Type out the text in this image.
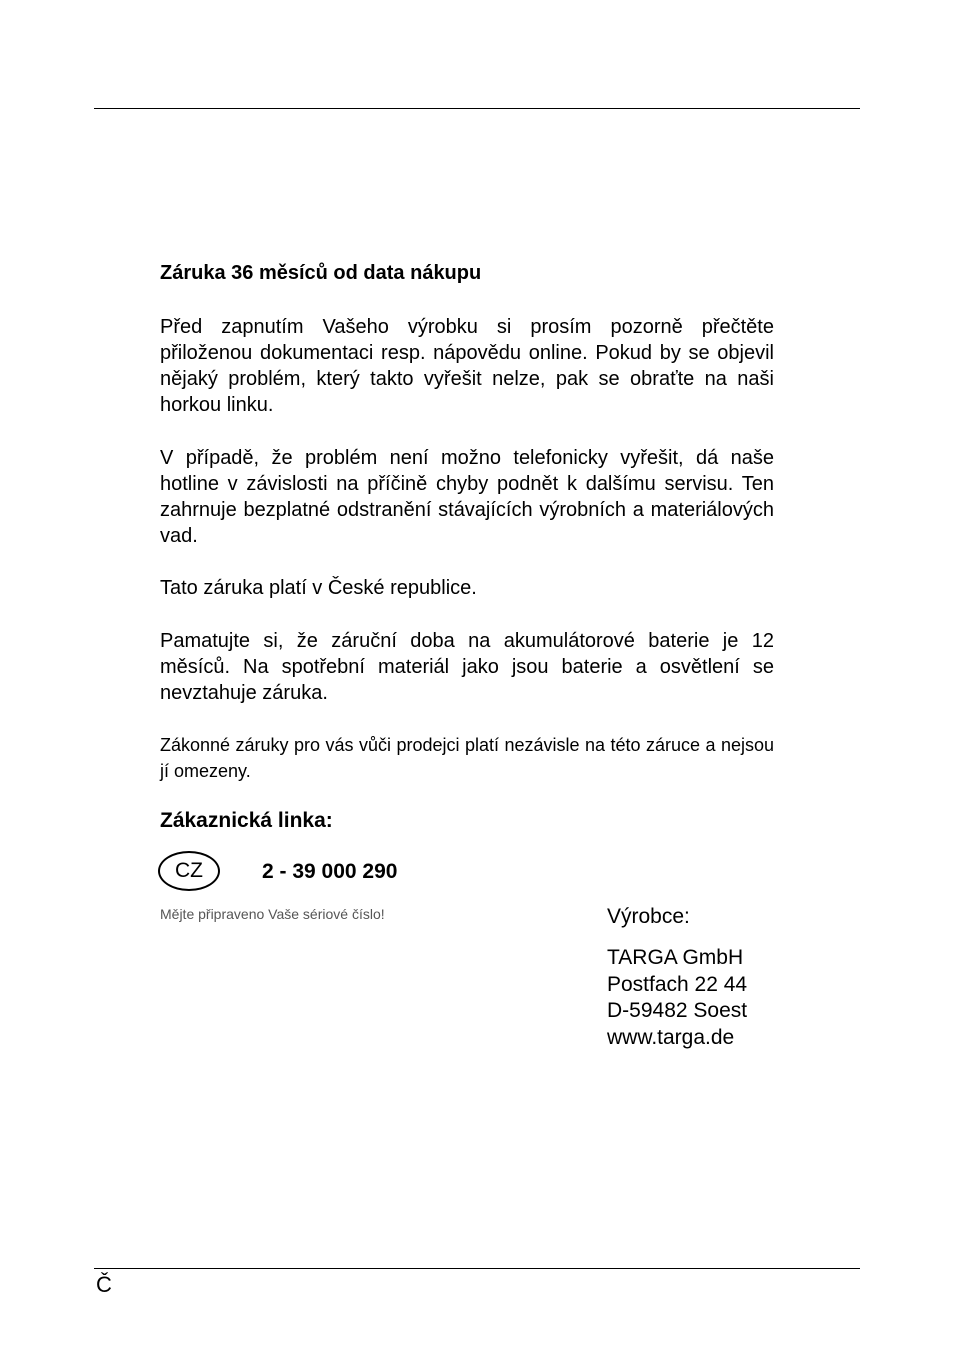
Záruka 36 měsíců od data nákupu

Před zapnutím Vašeho výrobku si prosím pozorně přečtěte přiloženou dokumentaci resp. nápovědu online. Pokud by se objevil nějaký problém, který takto vyřešit nelze, pak se obraťte na naši horkou linku.

V případě, že problém není možno telefonicky vyřešit, dá naše hotline v závislosti na příčině chyby podnět k dalšímu servisu. Ten zahrnuje bezplatné odstranění stávajících výrobních a materiálových vad.

Tato záruka platí v České republice.

Pamatujte si, že záruční doba na akumulátorové baterie je 12 měsíců. Na spotřební materiál jako jsou baterie a osvětlení se nevztahuje záruka.

Zákonné záruky pro vás vůči prodejci platí nezávisle na této záruce a nejsou jí omezeny.

Zákaznická linka:
CZ	2 - 39 000 290
Mějte připraveno Vaše sériové číslo!	Výrobce:
TARGA GmbH
Postfach 22 44
D-59482 Soest
www.targa.de
Č
